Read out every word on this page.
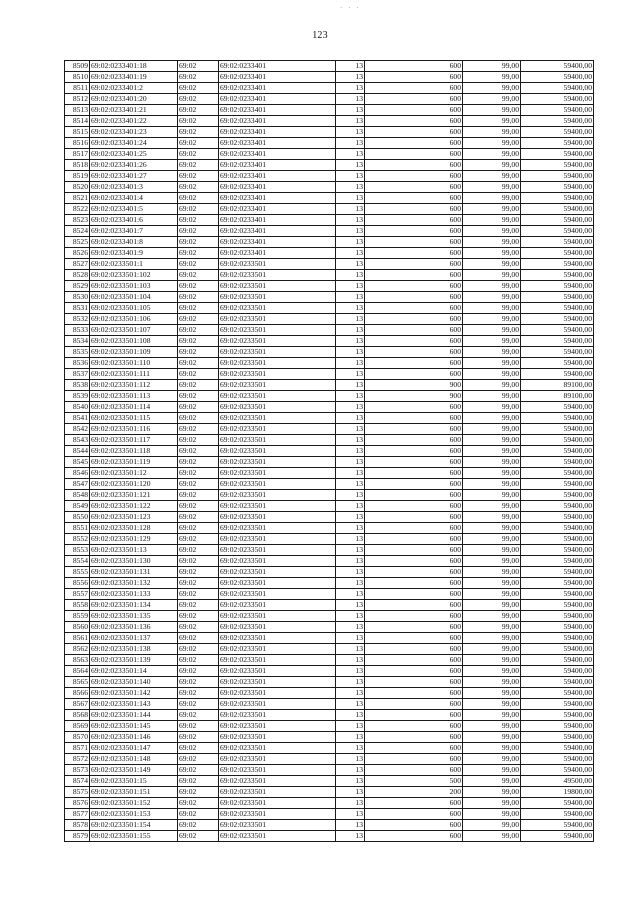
· · ·
123
8509	69:02:0233401:18	69:02	69:02:0233401	13	600	99,00	59400,00
8510	69:02:0233401:19	69:02	69:02:0233401	13	600	99,00	59400,00
8511	69:02:0233401:2	69:02	69:02:0233401	13	600	99,00	59400,00
8512	69:02:0233401:20	69:02	69:02:0233401	13	600	99,00	59400,00
8513	69:02:0233401:21	69:02	69:02:0233401	13	600	99,00	59400,00
8514	69:02:0233401:22	69:02	69:02:0233401	13	600	99,00	59400,00
8515	69:02:0233401:23	69:02	69:02:0233401	13	600	99,00	59400,00
8516	69:02:0233401:24	69:02	69:02:0233401	13	600	99,00	59400,00
8517	69:02:0233401:25	69:02	69:02:0233401	13	600	99,00	59400,00
8518	69:02:0233401:26	69:02	69:02:0233401	13	600	99,00	59400,00
8519	69:02:0233401:27	69:02	69:02:0233401	13	600	99,00	59400,00
8520	69:02:0233401:3	69:02	69:02:0233401	13	600	99,00	59400,00
8521	69:02:0233401:4	69:02	69:02:0233401	13	600	99,00	59400,00
8522	69:02:0233401:5	69:02	69:02:0233401	13	600	99,00	59400,00
8523	69:02:0233401:6	69:02	69:02:0233401	13	600	99,00	59400,00
8524	69:02:0233401:7	69:02	69:02:0233401	13	600	99,00	59400,00
8525	69:02:0233401:8	69:02	69:02:0233401	13	600	99,00	59400,00
8526	69:02:0233401:9	69:02	69:02:0233401	13	600	99,00	59400,00
8527	69:02:0233501:1	69:02	69:02:0233501	13	600	99,00	59400,00
8528	69:02:0233501:102	69:02	69:02:0233501	13	600	99,00	59400,00
8529	69:02:0233501:103	69:02	69:02:0233501	13	600	99,00	59400,00
8530	69:02:0233501:104	69:02	69:02:0233501	13	600	99,00	59400,00
8531	69:02:0233501:105	69:02	69:02:0233501	13	600	99,00	59400,00
8532	69:02:0233501:106	69:02	69:02:0233501	13	600	99,00	59400,00
8533	69:02:0233501:107	69:02	69:02:0233501	13	600	99,00	59400,00
8534	69:02:0233501:108	69:02	69:02:0233501	13	600	99,00	59400,00
8535	69:02:0233501:109	69:02	69:02:0233501	13	600	99,00	59400,00
8536	69:02:0233501:110	69:02	69:02:0233501	13	600	99,00	59400,00
8537	69:02:0233501:111	69:02	69:02:0233501	13	600	99,00	59400,00
8538	69:02:0233501:112	69:02	69:02:0233501	13	900	99,00	89100,00
8539	69:02:0233501:113	69:02	69:02:0233501	13	900	99,00	89100,00
8540	69:02:0233501:114	69:02	69:02:0233501	13	600	99,00	59400,00
8541	69:02:0233501:115	69:02	69:02:0233501	13	600	99,00	59400,00
8542	69:02:0233501:116	69:02	69:02:0233501	13	600	99,00	59400,00
8543	69:02:0233501:117	69:02	69:02:0233501	13	600	99,00	59400,00
8544	69:02:0233501:118	69:02	69:02:0233501	13	600	99,00	59400,00
8545	69:02:0233501:119	69:02	69:02:0233501	13	600	99,00	59400,00
8546	69:02:0233501:12	69:02	69:02:0233501	13	600	99,00	59400,00
8547	69:02:0233501:120	69:02	69:02:0233501	13	600	99,00	59400,00
8548	69:02:0233501:121	69:02	69:02:0233501	13	600	99,00	59400,00
8549	69:02:0233501:122	69:02	69:02:0233501	13	600	99,00	59400,00
8550	69:02:0233501:123	69:02	69:02:0233501	13	600	99,00	59400,00
8551	69:02:0233501:128	69:02	69:02:0233501	13	600	99,00	59400,00
8552	69:02:0233501:129	69:02	69:02:0233501	13	600	99,00	59400,00
8553	69:02:0233501:13	69:02	69:02:0233501	13	600	99,00	59400,00
8554	69:02:0233501:130	69:02	69:02:0233501	13	600	99,00	59400,00
8555	69:02:0233501:131	69:02	69:02:0233501	13	600	99,00	59400,00
8556	69:02:0233501:132	69:02	69:02:0233501	13	600	99,00	59400,00
8557	69:02:0233501:133	69:02	69:02:0233501	13	600	99,00	59400,00
8558	69:02:0233501:134	69:02	69:02:0233501	13	600	99,00	59400,00
8559	69:02:0233501:135	69:02	69:02:0233501	13	600	99,00	59400,00
8560	69:02:0233501:136	69:02	69:02:0233501	13	600	99,00	59400,00
8561	69:02:0233501:137	69:02	69:02:0233501	13	600	99,00	59400,00
8562	69:02:0233501:138	69:02	69:02:0233501	13	600	99,00	59400,00
8563	69:02:0233501:139	69:02	69:02:0233501	13	600	99,00	59400,00
8564	69:02:0233501:14	69:02	69:02:0233501	13	600	99,00	59400,00
8565	69:02:0233501:140	69:02	69:02:0233501	13	600	99,00	59400,00
8566	69:02:0233501:142	69:02	69:02:0233501	13	600	99,00	59400,00
8567	69:02:0233501:143	69:02	69:02:0233501	13	600	99,00	59400,00
8568	69:02:0233501:144	69:02	69:02:0233501	13	600	99,00	59400,00
8569	69:02:0233501:145	69:02	69:02:0233501	13	600	99,00	59400,00
8570	69:02:0233501:146	69:02	69:02:0233501	13	600	99,00	59400,00
8571	69:02:0233501:147	69:02	69:02:0233501	13	600	99,00	59400,00
8572	69:02:0233501:148	69:02	69:02:0233501	13	600	99,00	59400,00
8573	69:02:0233501:149	69:02	69:02:0233501	13	600	99,00	59400,00
8574	69:02:0233501:15	69:02	69:02:0233501	13	500	99,00	49500,00
8575	69:02:0233501:151	69:02	69:02:0233501	13	200	99,00	19800,00
8576	69:02:0233501:152	69:02	69:02:0233501	13	600	99,00	59400,00
8577	69:02:0233501:153	69:02	69:02:0233501	13	600	99,00	59400,00
8578	69:02:0233501:154	69:02	69:02:0233501	13	600	99,00	59400,00
8579	69:02:0233501:155	69:02	69:02:0233501	13	600	99,00	59400,00
